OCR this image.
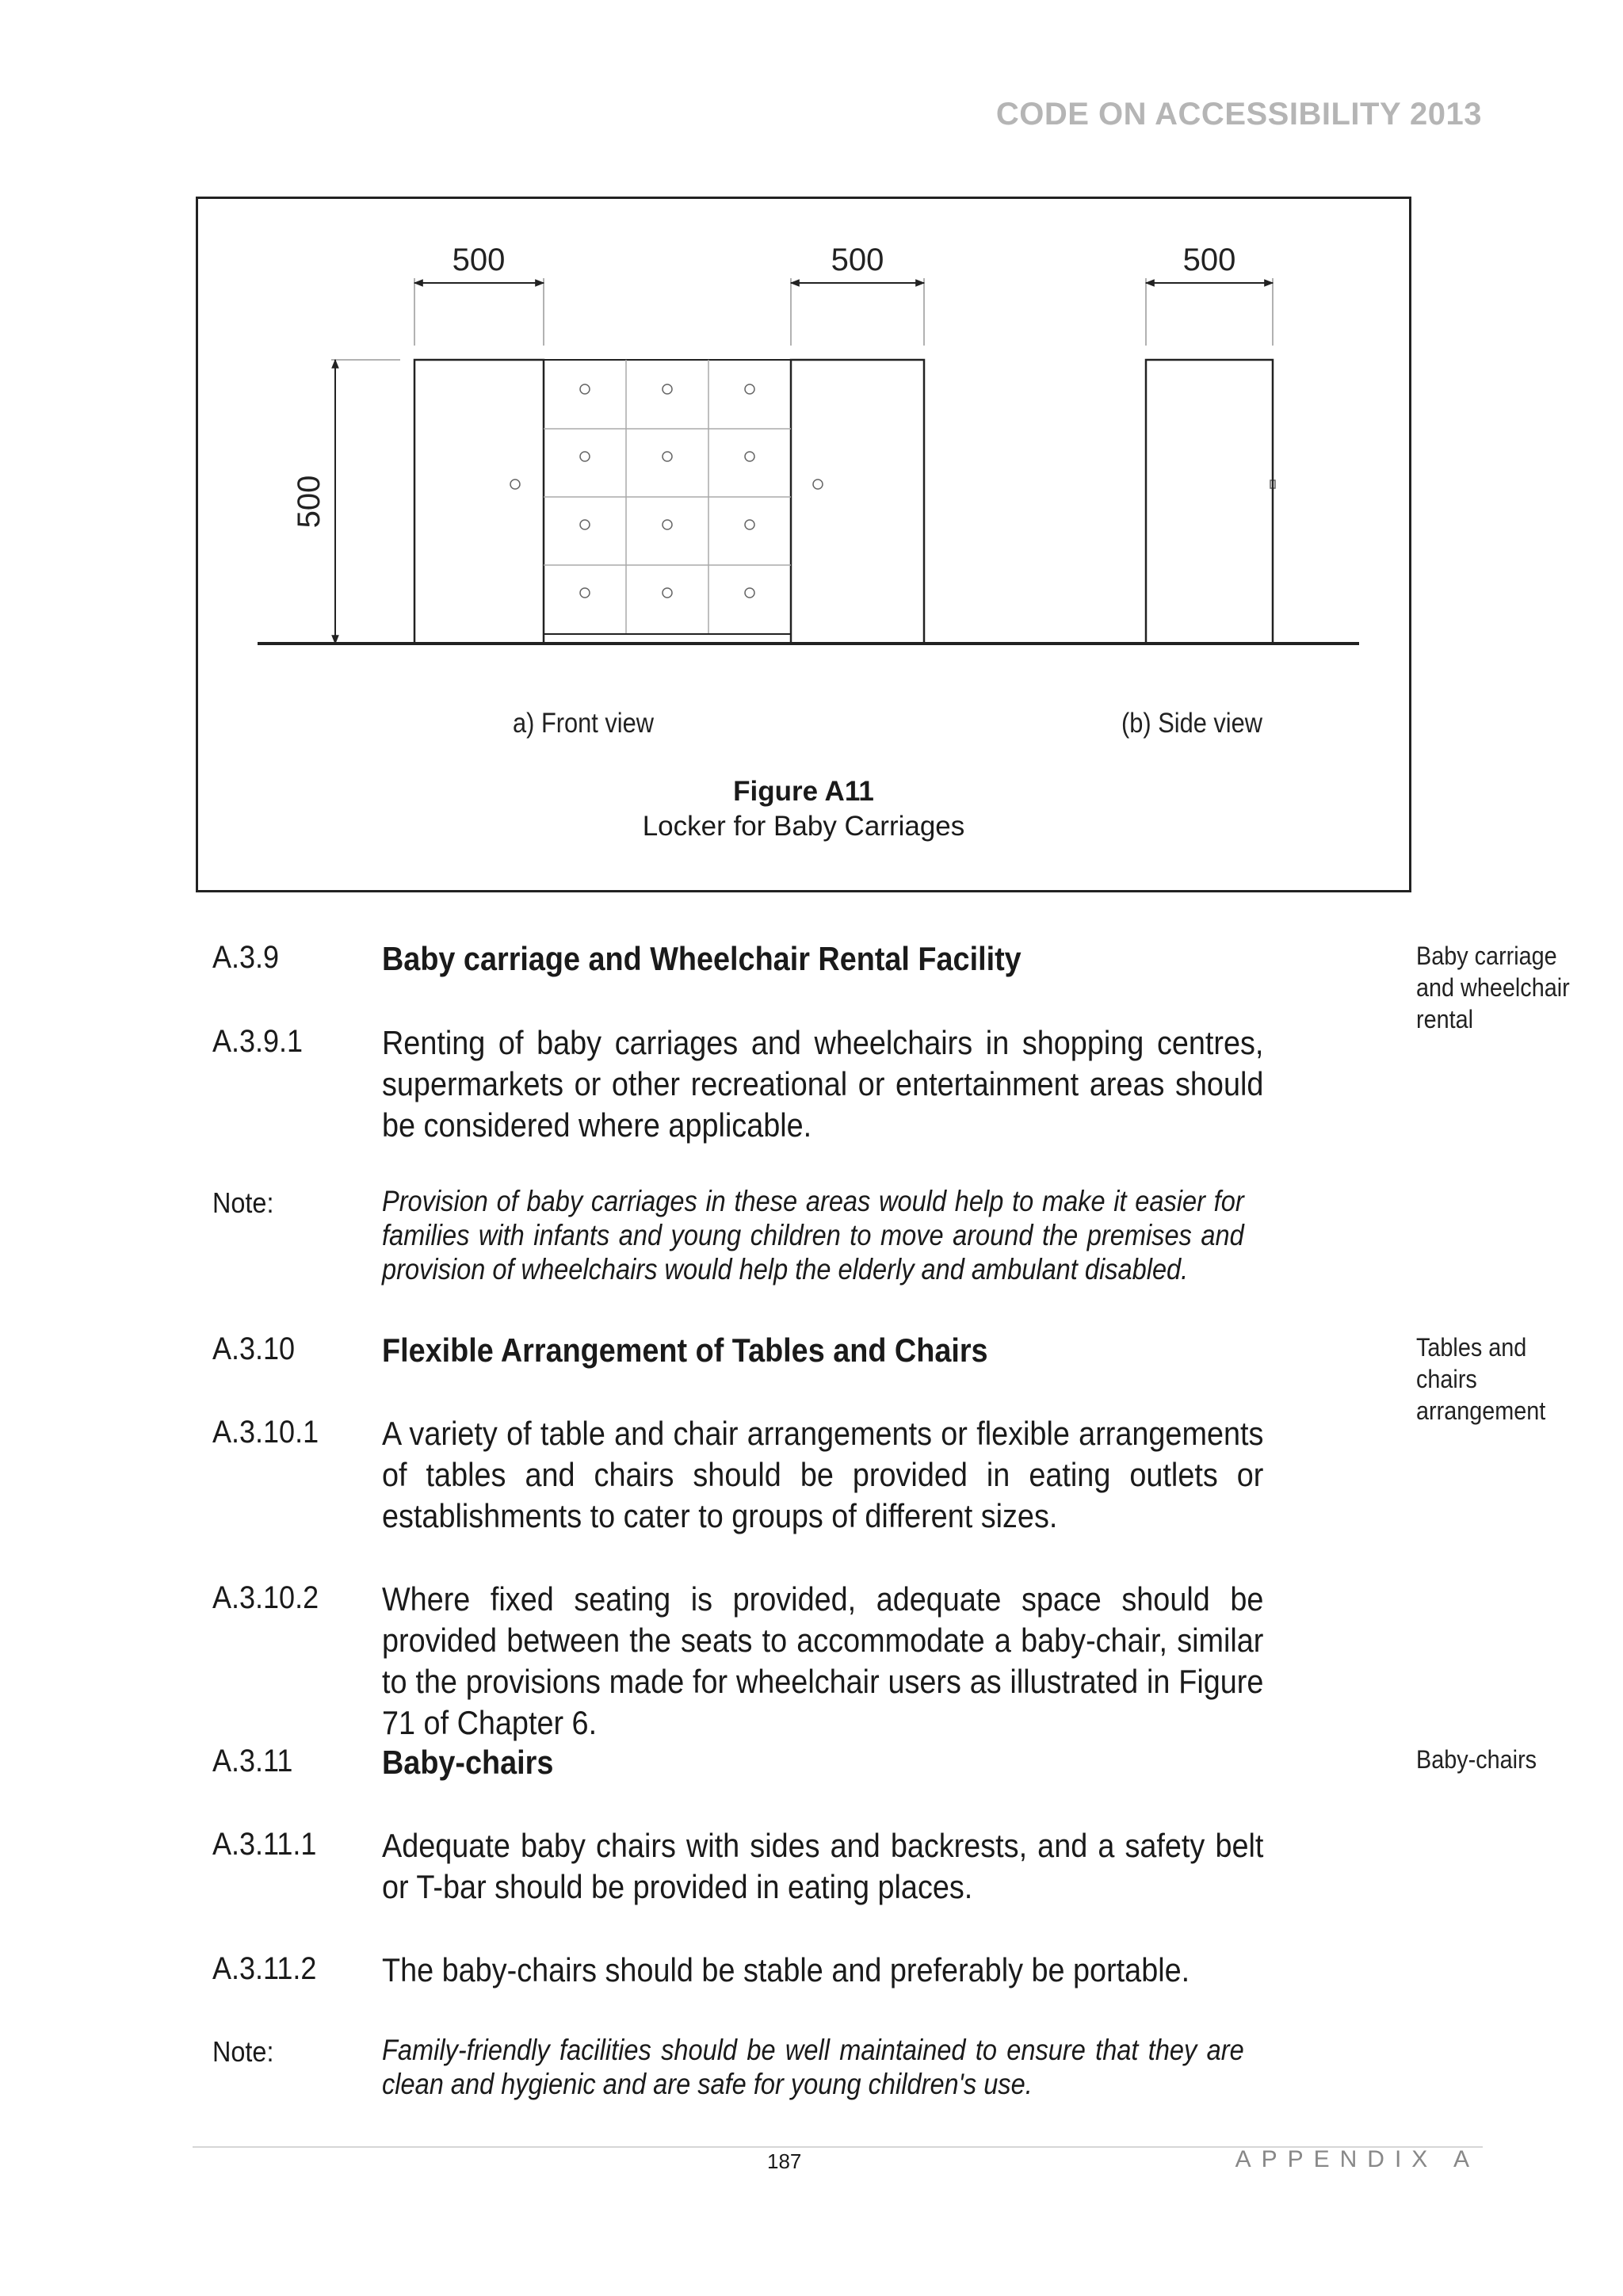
CODE ON ACCESSIBILITY 2013
500	500	500
500
a) Front view	(b) Side view
Figure A11
Locker for Baby Carriages
A.3.9	Baby carriage and Wheelchair Rental Facility	Baby carriage and wheelchair rental
A.3.9.1 Renting of baby carriages and wheelchairs in shopping centres, supermarkets or other recreational or entertainment areas should be considered where applicable.
Note:	Provision of baby carriages in these areas would help to make it easier for families with infants and young children to move around the premises and provision of wheelchairs would help the elderly and ambulant disabled.
A.3.10	Flexible Arrangement of Tables and Chairs	Tables and chairs arrangement
A.3.10.1 A variety of table and chair arrangements or flexible arrangements of tables and chairs should be provided in eating outlets or establishments to cater to groups of different sizes.
A.3.10.2 Where fixed seating is provided, adequate space should be provided between the seats to accommodate a baby-chair, similar to the provisions made for wheelchair users as illustrated in Figure 71 of Chapter 6.
A.3.11	Baby-chairs	Baby-chairs
A.3.11.1 Adequate baby chairs with sides and backrests, and a safety belt or T-bar should be provided in eating places.
A.3.11.2 The baby-chairs should be stable and preferably be portable.
Note:	Family-friendly facilities should be well maintained to ensure that they are clean and hygienic and are safe for young children's use.
187	APPENDIX A
